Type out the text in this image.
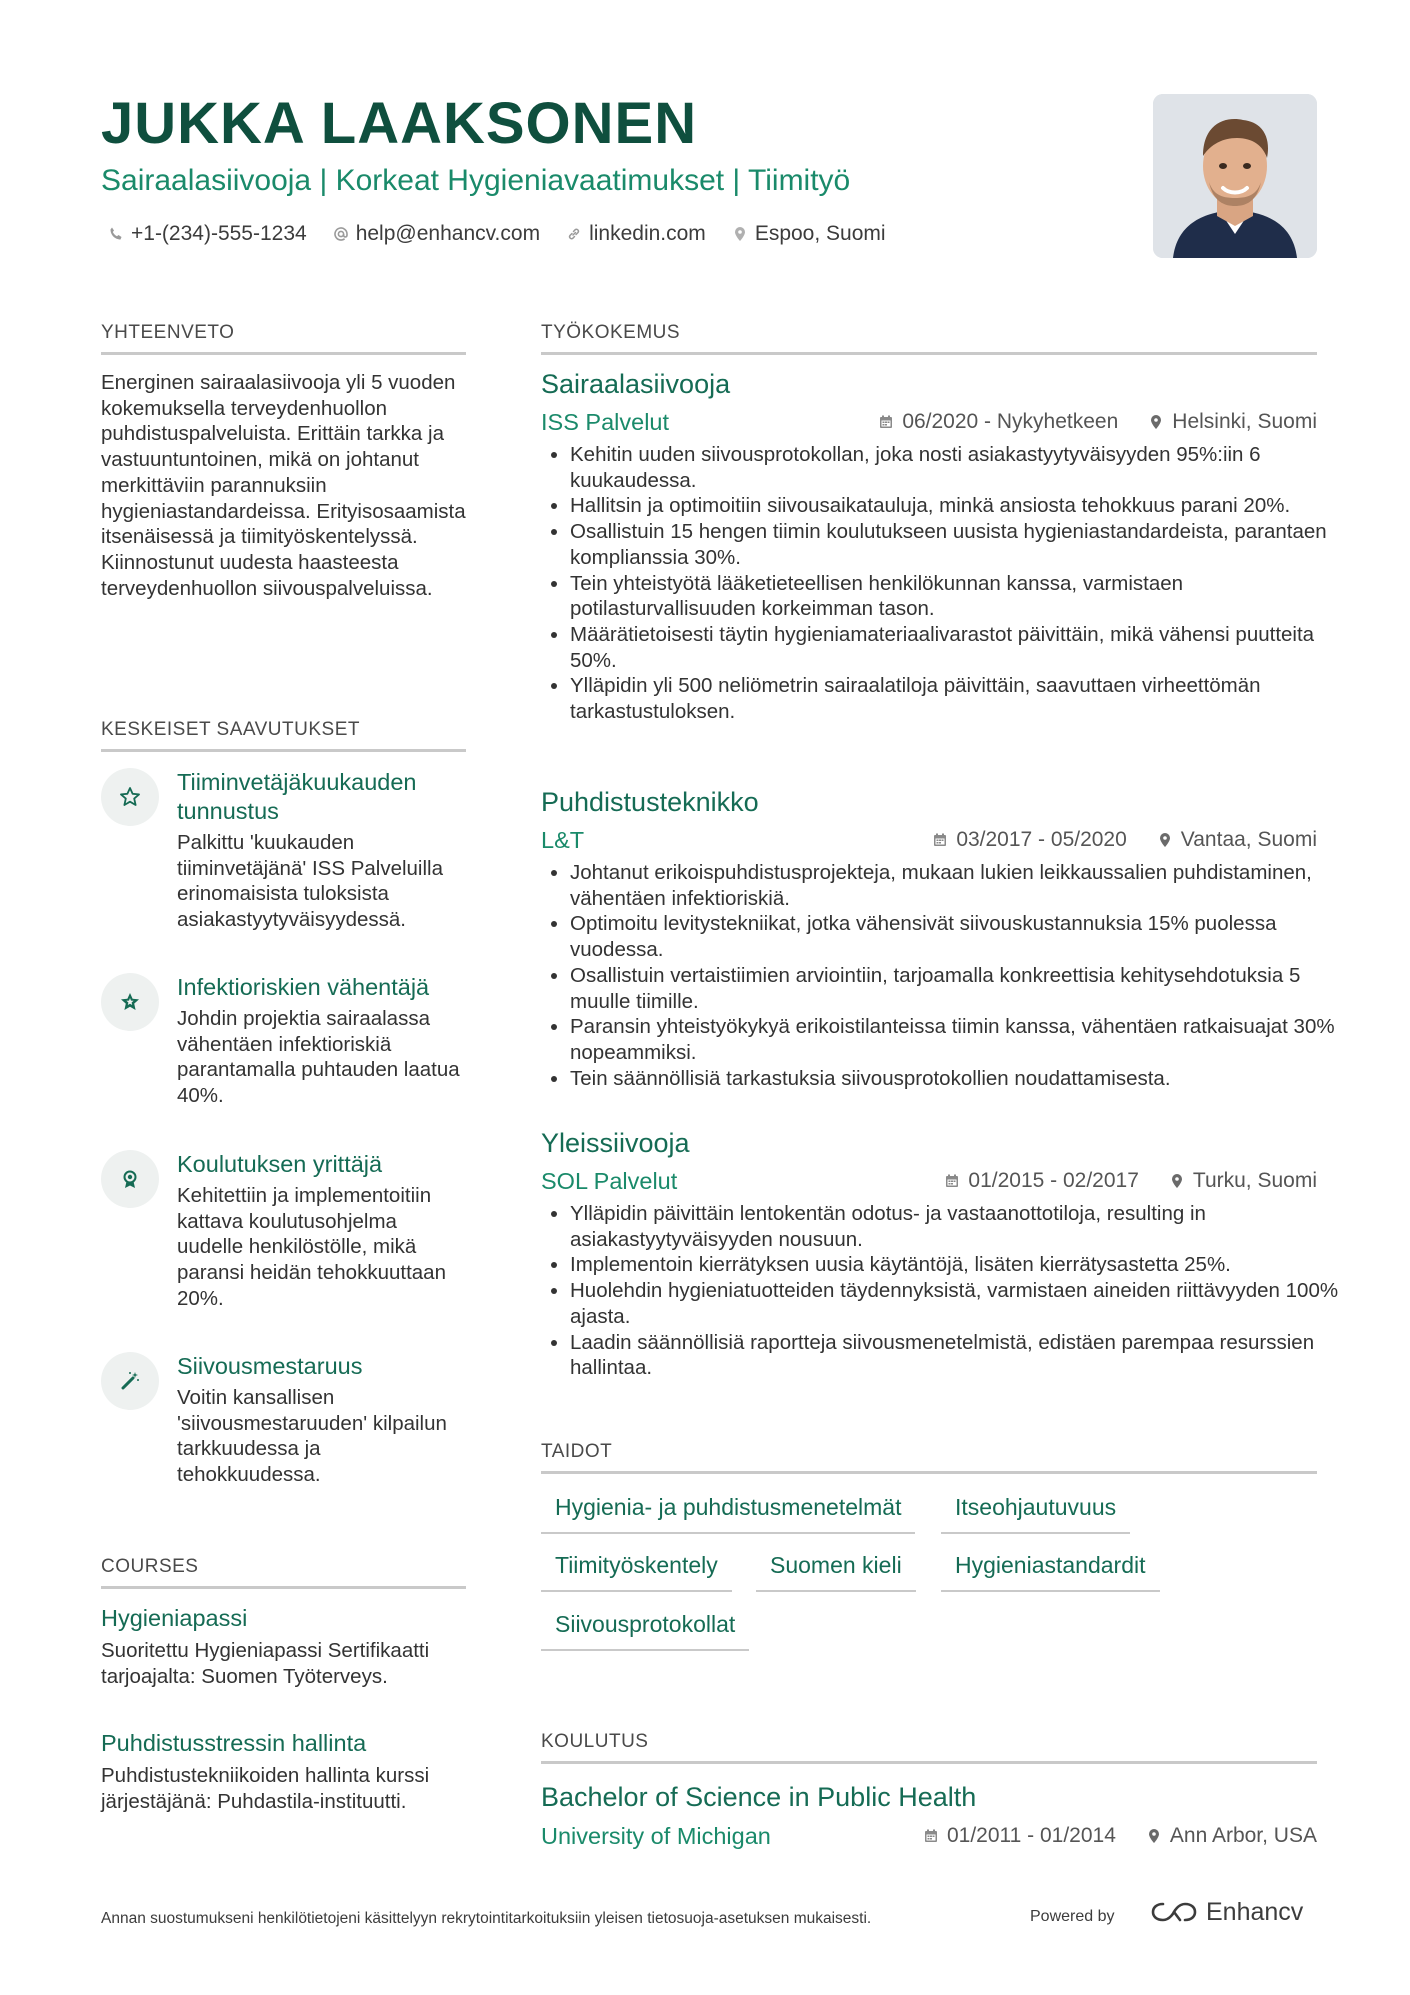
JUKKA LAAKSONEN
Sairaalasiivooja | Korkeat Hygieniavaatimukset | Tiimityö
+1-(234)-555-1234 help@enhancv.com linkedin.com Espoo, Suomi
YHTEENVETO

Energinen sairaalasiivooja yli 5 vuoden kokemuksella terveydenhuollon puhdistuspalveluista. Erittäin tarkka ja vastuuntuntoinen, mikä on johtanut merkittäviin parannuksiin hygieniastandardeissa. Erityisosaamista itsenäisessä ja tiimityöskentelyssä. Kiinnostunut uudesta haasteesta terveydenhuollon siivouspalveluissa.

KESKEISET SAAVUTUKSET
Tiiminvetäjäkuukauden tunnustus
Palkittu 'kuukauden tiiminvetäjänä' ISS Palveluilla erinomaisista tuloksista asiakastyytyväisyydessä.
Infektioriskien vähentäjä
Johdin projektia sairaalassa vähentäen infektioriskiä parantamalla puhtauden laatua 40%.
Koulutuksen yrittäjä
Kehitettiin ja implementoitiin kattava koulutusohjelma uudelle henkilöstölle, mikä paransi heidän tehokkuuttaan 20%.
Siivousmestaruus
Voitin kansallisen 'siivousmestaruuden' kilpailun tarkkuudessa ja tehokkuudessa.
COURSES
Hygieniapassi
Suoritettu Hygieniapassi Sertifikaatti tarjoajalta: Suomen Työterveys.
Puhdistusstressin hallinta
Puhdistustekniikoiden hallinta kurssi järjestäjänä: Puhdastila-instituutti.
TYÖKOKEMUS
Sairaalasiivooja
ISS Palvelut	06/2020 - Nykyhetkeen	Helsinki, Suomi
• Kehitin uuden siivousprotokollan, joka nosti asiakastyytyväisyyden 95%:iin 6 kuukaudessa.
• Hallitsin ja optimoitiin siivousaikatauluja, minkä ansiosta tehokkuus parani 20%.
• Osallistuin 15 hengen tiimin koulutukseen uusista hygieniastandardeista, parantaen komplianssia 30%.
• Tein yhteistyötä lääketieteellisen henkilökunnan kanssa, varmistaen potilasturvallisuuden korkeimman tason.
• Määrätietoisesti täytin hygieniamateriaalivarastot päivittäin, mikä vähensi puutteita 50%.
• Ylläpidin yli 500 neliömetrin sairaalatiloja päivittäin, saavuttaen virheettömän tarkastustuloksen.
Puhdistusteknikko
L&T	03/2017 - 05/2020	Vantaa, Suomi
• Johtanut erikoispuhdistusprojekteja, mukaan lukien leikkaussalien puhdistaminen, vähentäen infektioriskiä.
• Optimoitu levitystekniikat, jotka vähensivät siivouskustannuksia 15% puolessa vuodessa.
• Osallistuin vertaistiimien arviointiin, tarjoamalla konkreettisia kehitysehdotuksia 5 muulle tiimille.
• Paransin yhteistyökykyä erikoistilanteissa tiimin kanssa, vähentäen ratkaisuajat 30% nopeammiksi.
• Tein säännöllisiä tarkastuksia siivousprotokollien noudattamisesta.
Yleissiivooja
SOL Palvelut	01/2015 - 02/2017	Turku, Suomi
• Ylläpidin päivittäin lentokentän odotus- ja vastaanottotiloja, resulting in asiakastyytyväisyyden nousuun.
• Implementoin kierrätyksen uusia käytäntöjä, lisäten kierrätysastetta 25%.
• Huolehdin hygieniatuotteiden täydennyksistä, varmistaen aineiden riittävyyden 100% ajasta.
• Laadin säännöllisiä raportteja siivousmenetelmistä, edistäen parempaa resurssien hallintaa.
TAIDOT
Hygienia- ja puhdistusmenetelmät	Itseohjautuvuus
Tiimityöskentely	Suomen kieli	Hygieniastandardit
Siivousprotokollat
KOULUTUS
Bachelor of Science in Public Health
University of Michigan	01/2011 - 01/2014	Ann Arbor, USA
Annan suostumukseni henkilötietojeni käsittelyyn rekrytointitarkoituksiin yleisen tietosuoja-asetuksen mukaisesti.	Powered by	Enhancv
